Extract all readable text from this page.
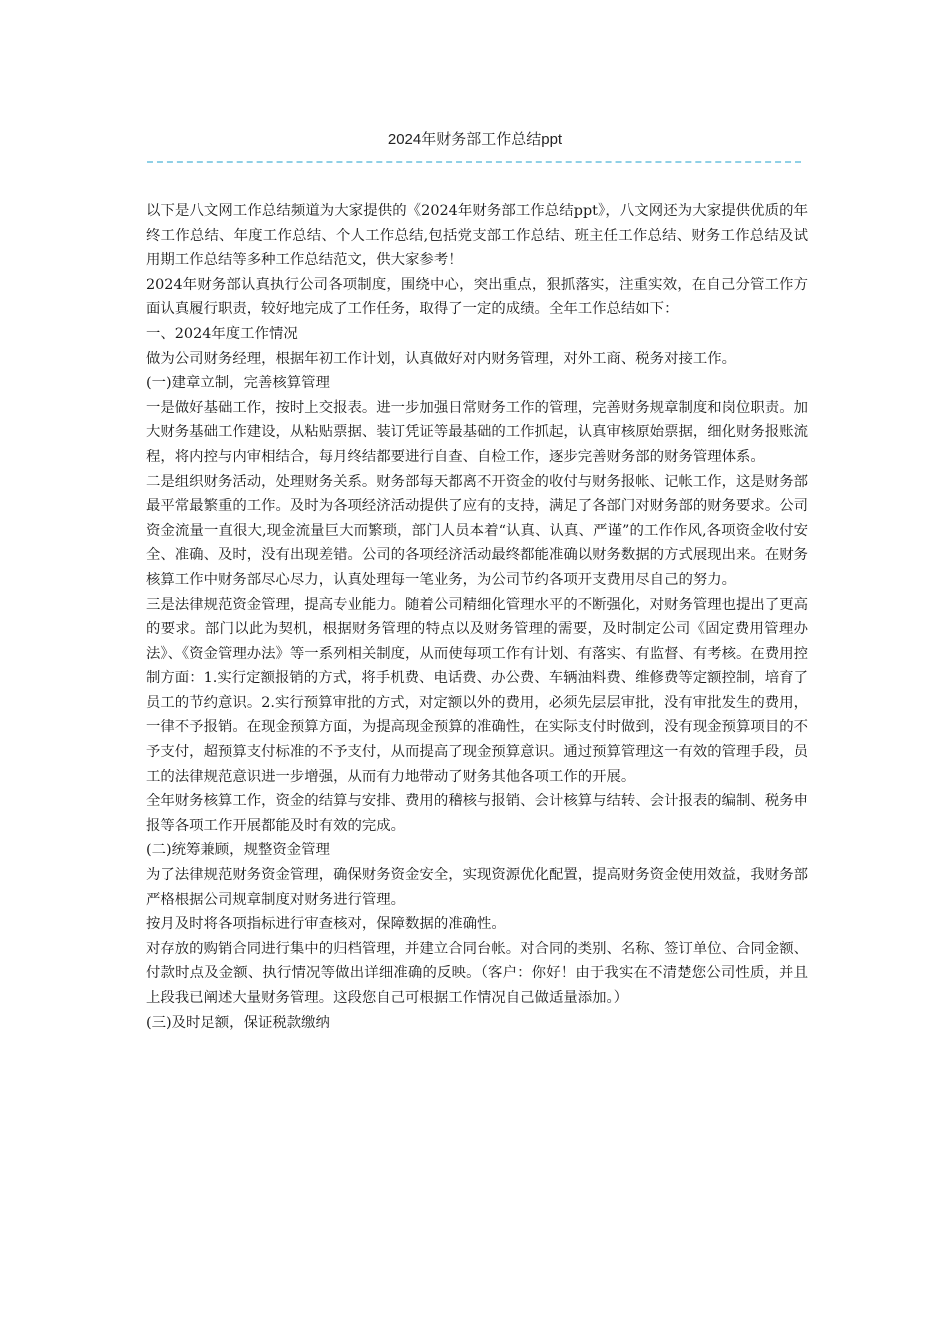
2024年财务部工作总结ppt

以下是八文网工作总结频道为大家提供的《2024年财务部工作总结ppt》，八文网还为大家提供优质的年终工作总结、年度工作总结、个人工作总结,包括党支部工作总结、班主任工作总结、财务工作总结及试用期工作总结等多种工作总结范文，供大家参考！

2024年财务部认真执行公司各项制度，围绕中心，突出重点，狠抓落实，注重实效，在自己分管工作方面认真履行职责，较好地完成了工作任务，取得了一定的成绩。全年工作总结如下：

一、2024年度工作情况

做为公司财务经理，根据年初工作计划，认真做好对内财务管理，对外工商、税务对接工作。

(一)建章立制，完善核算管理

一是做好基础工作，按时上交报表。进一步加强日常财务工作的管理，完善财务规章制度和岗位职责。加大财务基础工作建设，从粘贴票据、装订凭证等最基础的工作抓起，认真审核原始票据，细化财务报账流程，将内控与内审相结合，每月终结都要进行自查、自检工作，逐步完善财务部的财务管理体系。

二是组织财务活动，处理财务关系。财务部每天都离不开资金的收付与财务报帐、记帐工作，这是财务部最平常最繁重的工作。及时为各项经济活动提供了应有的支持，满足了各部门对财务部的财务要求。公司资金流量一直很大,现金流量巨大而繁琐，部门人员本着“认真、认真、严谨”的工作作风,各项资金收付安全、准确、及时，没有出现差错。公司的各项经济活动最终都能准确以财务数据的方式展现出来。在财务核算工作中财务部尽心尽力，认真处理每一笔业务，为公司节约各项开支费用尽自己的努力。

三是法律规范资金管理，提高专业能力。随着公司精细化管理水平的不断强化，对财务管理也提出了更高的要求。部门以此为契机，根据财务管理的特点以及财务管理的需要，及时制定公司《固定费用管理办法》、《资金管理办法》等一系列相关制度，从而使每项工作有计划、有落实、有监督、有考核。在费用控制方面：1.实行定额报销的方式，将手机费、电话费、办公费、车辆油料费、维修费等定额控制，培育了员工的节约意识。2.实行预算审批的方式，对定额以外的费用，必须先层层审批，没有审批发生的费用，一律不予报销。在现金预算方面，为提高现金预算的准确性，在实际支付时做到，没有现金预算项目的不予支付，超预算支付标准的不予支付，从而提高了现金预算意识。通过预算管理这一有效的管理手段，员工的法律规范意识进一步增强，从而有力地带动了财务其他各项工作的开展。

全年财务核算工作，资金的结算与安排、费用的稽核与报销、会计核算与结转、会计报表的编制、税务申报等各项工作开展都能及时有效的完成。

(二)统筹兼顾，规整资金管理

为了法律规范财务资金管理，确保财务资金安全，实现资源优化配置，提高财务资金使用效益，我财务部严格根据公司规章制度对财务进行管理。

按月及时将各项指标进行审查核对，保障数据的准确性。

对存放的购销合同进行集中的归档管理，并建立合同台帐。对合同的类别、名称、签订单位、合同金额、付款时点及金额、执行情况等做出详细准确的反映。（客户：你好！由于我实在不清楚您公司性质，并且上段我已阐述大量财务管理。这段您自己可根据工作情况自己做适量添加。）

(三)及时足额，保证税款缴纳
